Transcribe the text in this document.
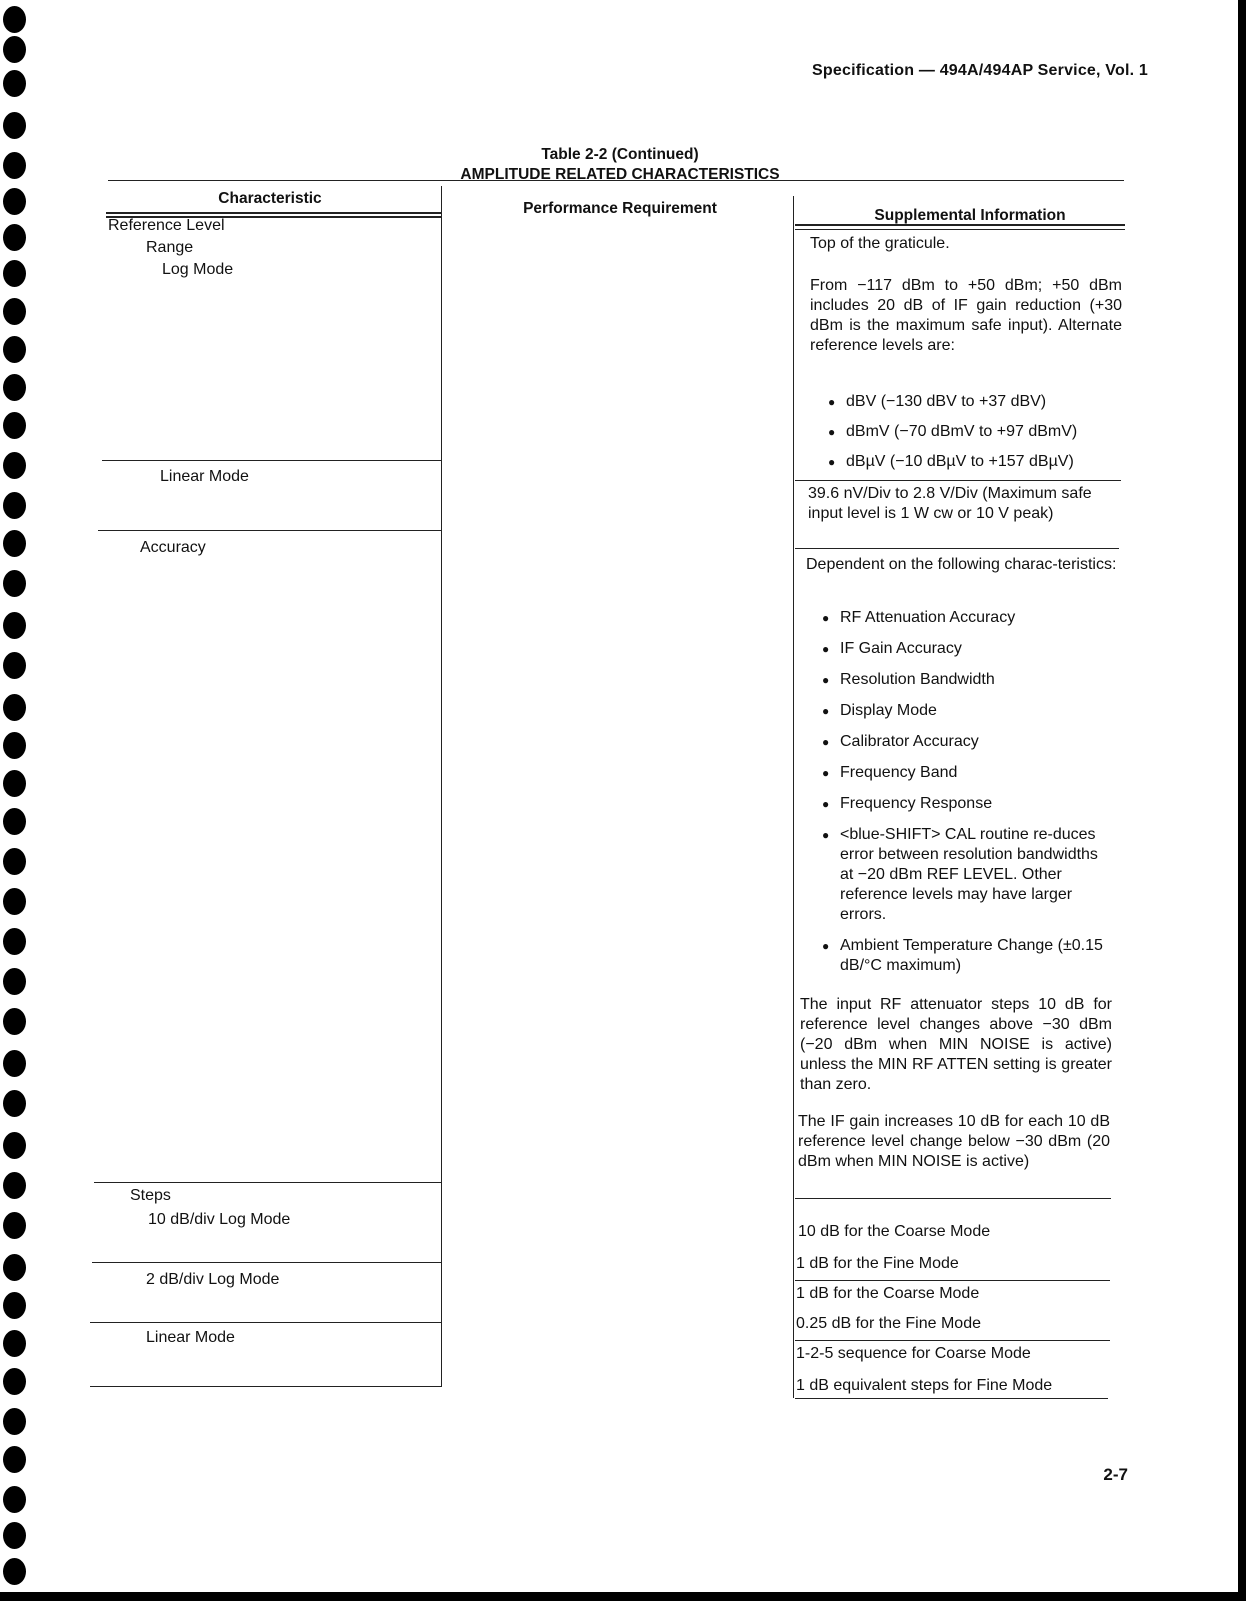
Specification — 494A/494AP Service, Vol. 1
Table 2-2 (Continued)
AMPLITUDE RELATED CHARACTERISTICS
Characteristic
Performance Requirement	Supplemental Information
Reference Level
Range
Log Mode
Top of the graticule.
From −117 dBm to +50 dBm; +50 dBm includes 20 dB of IF gain reduction (+30 dBm is the maximum safe input). Alternate reference levels are:
● dBV (−130 dBV to +37 dBV)
● dBmV (−70 dBmV to +97 dBmV)
● dBµV (−10 dBµV to +157 dBµV)
Linear Mode
39.6 nV/Div to 2.8 V/Div (Maximum safe input level is 1 W cw or 10 V peak)
Accuracy
Dependent on the following charac-teristics:
● RF Attenuation Accuracy
● IF Gain Accuracy
● Resolution Bandwidth
● Display Mode
● Calibrator Accuracy
● Frequency Band
● Frequency Response
● <blue-SHIFT> CAL routine re-duces error between resolution bandwidths at −20 dBm REF LEVEL. Other reference levels may have larger errors.
● Ambient Temperature Change (±0.15 dB/°C maximum)
The input RF attenuator steps 10 dB for reference level changes above −30 dBm (−20 dBm when MIN NOISE is active) unless the MIN RF ATTEN setting is greater than zero.
The IF gain increases 10 dB for each 10 dB reference level change below −30 dBm (20 dBm when MIN NOISE is active)
Steps
10 dB/div Log Mode
10 dB for the Coarse Mode
1 dB for the Fine Mode
2 dB/div Log Mode
1 dB for the Coarse Mode
0.25 dB for the Fine Mode
Linear Mode
1-2-5 sequence for Coarse Mode
1 dB equivalent steps for Fine Mode
2-7
